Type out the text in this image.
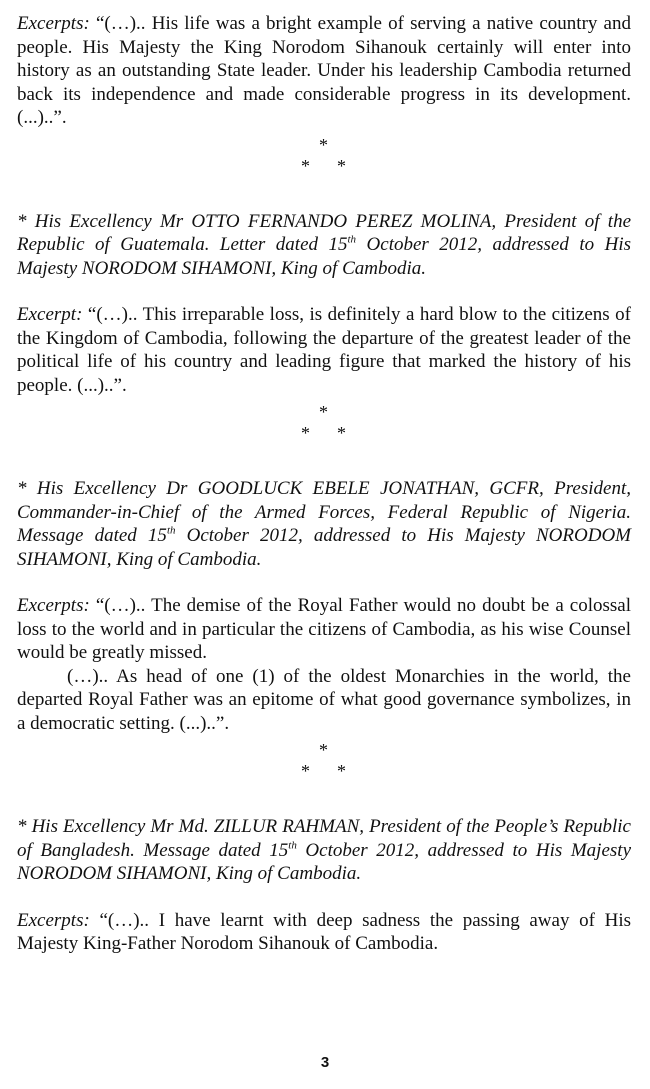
Excerpts: “(…).. His life was a bright example of serving a native country and people. His Majesty the King Norodom Sihanouk certainly will enter into history as an outstanding State leader. Under his leadership Cambodia returned back its independence and made considerable progress in its development. (...)..”.

*
* *

* His Excellency Mr OTTO FERNANDO PEREZ MOLINA, President of the Republic of Guatemala. Letter dated 15th October 2012, addressed to His Majesty NORODOM SIHAMONI, King of Cambodia.

Excerpt: “(…).. This irreparable loss, is definitely a hard blow to the citizens of the Kingdom of Cambodia, following the departure of the greatest leader of the political life of his country and leading figure that marked the history of his people. (...)..”.

*
* *

* His Excellency Dr GOODLUCK EBELE JONATHAN, GCFR, President, Commander-in-Chief of the Armed Forces, Federal Republic of Nigeria. Message dated 15th October 2012, addressed to His Majesty NORODOM SIHAMONI, King of Cambodia.

Excerpts: “(…).. The demise of the Royal Father would no doubt be a colossal loss to the world and in particular the citizens of Cambodia, as his wise Counsel would be greatly missed.

(…).. As head of one (1) of the oldest Monarchies in the world, the departed Royal Father was an epitome of what good governance symbolizes, in a democratic setting. (...)..”.

*
* *

* His Excellency Mr Md. ZILLUR RAHMAN, President of the People’s Republic of Bangladesh. Message dated 15th October 2012, addressed to His Majesty NORODOM SIHAMONI, King of Cambodia.

Excerpts: “(…).. I have learnt with deep sadness the passing away of His Majesty King-Father Norodom Sihanouk of Cambodia.

3
